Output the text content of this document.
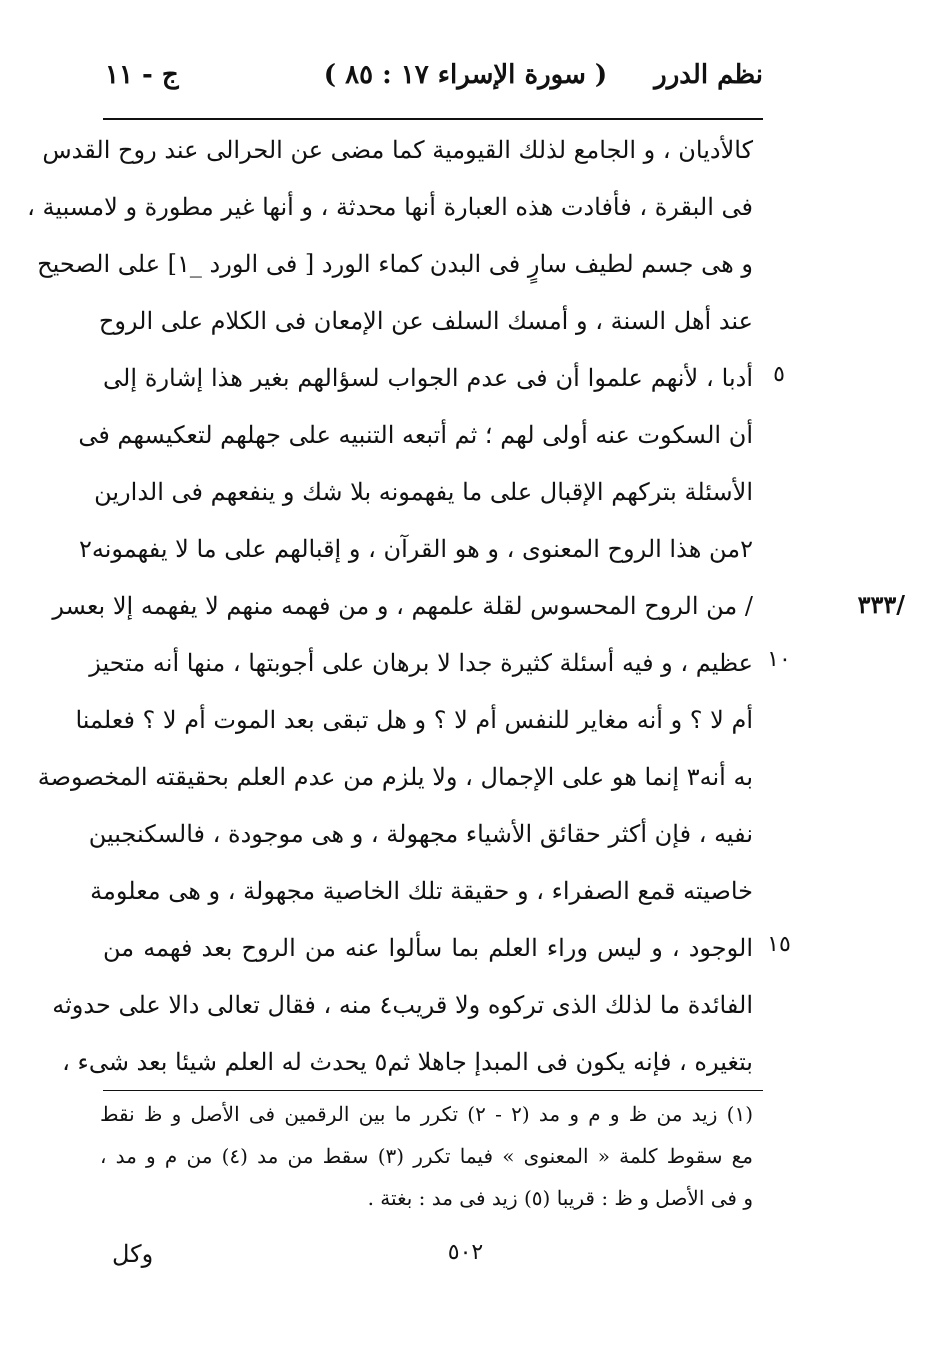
نظم الدرر
( سورة الإسراء ١٧ : ٨٥ )
ج - ١١
كالأديان ، و الجامع لذلك القيومية كما مضى عن الحرالى عند روح القدس
فى البقرة ، فأفادت هذه العبارة أنها محدثة ، و أنها غير مطورة و لامسبية ،
و هى جسم لطيف سارٍ فى البدن كماء الورد [ فى الورد _١] على الصحيح
عند أهل السنة ، و أمسك السلف عن الإمعان فى الكلام على الروح
أدبا ، لأنهم علموا أن فى عدم الجواب لسؤالهم بغير هذا إشارة إلى
أن السكوت عنه أولى لهم ؛ ثم أتبعه التنبيه على جهلهم لتعكيسهم فى
الأسئلة بتركهم الإقبال على ما يفهمونه بلا شك و ينفعهم فى الدارين
٢من هذا الروح المعنوى ، و هو القرآن ، و إقبالهم على ما لا يفهمونه٢
/ من الروح المحسوس لقلة علمهم ، و من فهمه منهم لا يفهمه إلا بعسر
عظيم ، و فيه أسئلة كثيرة جدا لا برهان على أجوبتها ، منها أنه متحيز
أم لا ؟ و أنه مغاير للنفس أم لا ؟ و هل تبقى بعد الموت أم لا ؟ فعلمنا
به أنه٣ إنما هو على الإجمال ، ولا يلزم من عدم العلم بحقيقته المخصوصة
نفيه ، فإن أكثر حقائق الأشياء مجهولة ، و هى موجودة ، فالسكنجبين
خاصيته قمع الصفراء ، و حقيقة تلك الخاصية مجهولة ، و هى معلومة
الوجود ، و ليس وراء العلم بما سألوا عنه من الروح بعد فهمه من
الفائدة ما لذلك الذى تركوه ولا قريب٤ منه ، فقال تعالى دالا على حدوثه
بتغيره ، فإنه يكون فى المبدإ جاهلا ثم٥ يحدث له العلم شيئا بعد شىء ،
٥
١٠
١٥
/٣٣٣
(١) زيد من ظ و م و مد (٢ - ٢) تكرر ما بين الرقمين فى الأصل و ظ نقط
مع سقوط كلمة « المعنوى » فيما تكرر (٣) سقط من مد (٤) من م و مد ،
و فى الأصل و ظ : قريبا (٥) زيد فى مد : بغتة .
٥٠٢
وكل
